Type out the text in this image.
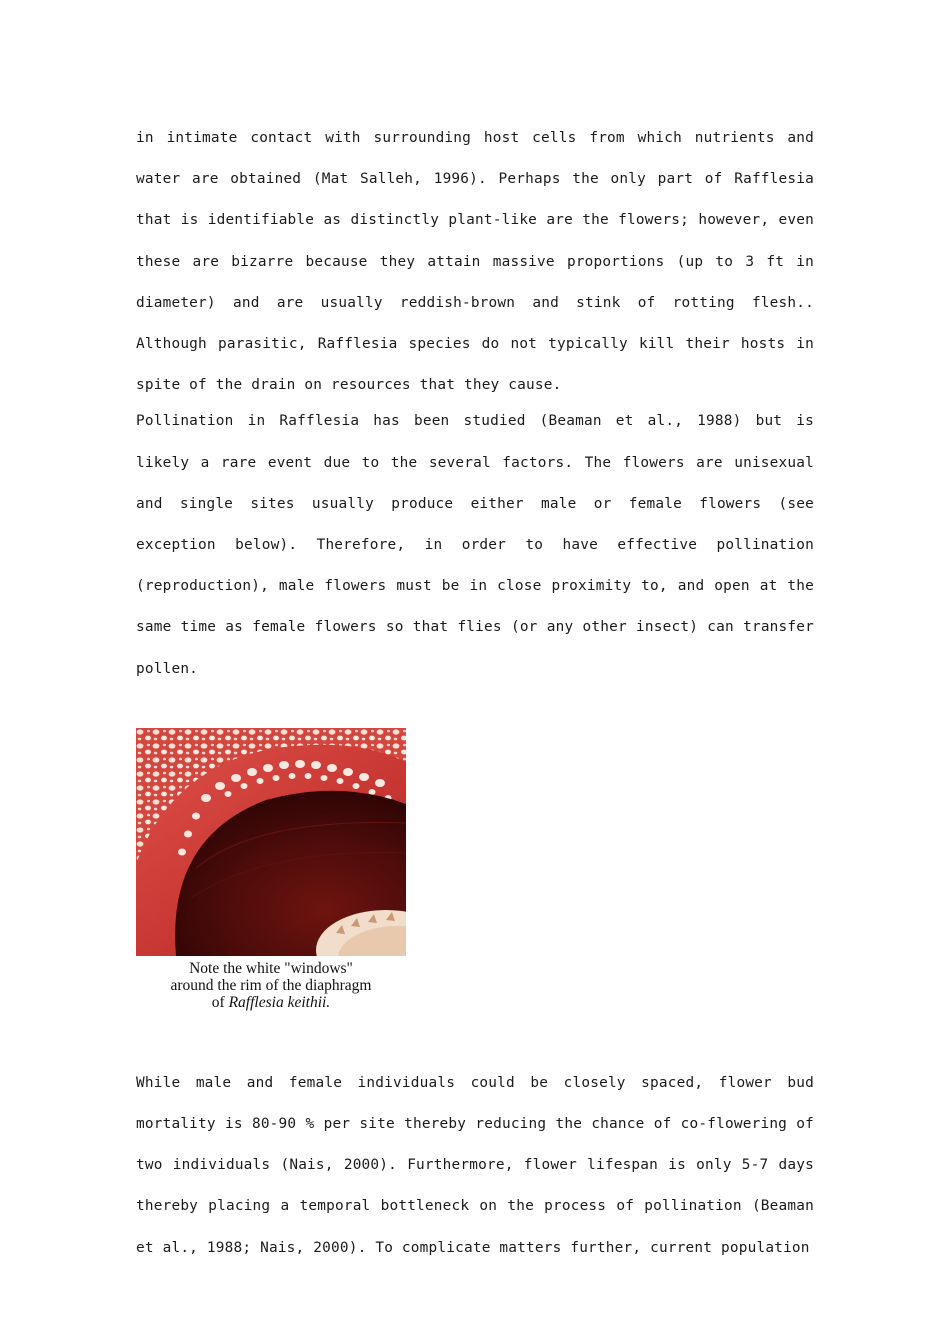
in intimate contact with surrounding host cells from which nutrients and water are obtained (Mat Salleh, 1996). Perhaps the only part of Rafflesia that is identifiable as distinctly plant-like are the flowers; however, even these are bizarre because they attain massive proportions (up to 3 ft in diameter) and are usually reddish-brown and stink of rotting flesh.. Although parasitic, Rafflesia species do not typically kill their hosts in spite of the drain on resources that they cause.

Pollination in Rafflesia has been studied (Beaman et al., 1988) but is likely a rare event due to the several factors. The flowers are unisexual and single sites usually produce either male or female flowers (see exception below). Therefore, in order to have effective pollination (reproduction), male flowers must be in close proximity to, and open at the same time as female flowers so that flies (or any other insect) can transfer pollen.

Note the white "windows"
around the rim of the diaphragm
of Rafflesia keithii.

While male and female individuals could be closely spaced, flower bud mortality is 80-90 % per site thereby reducing the chance of co-flowering of two individuals (Nais, 2000). Furthermore, flower lifespan is only 5-7 days thereby placing a temporal bottleneck on the process of pollination (Beaman et al., 1988; Nais, 2000). To complicate matters further, current population
